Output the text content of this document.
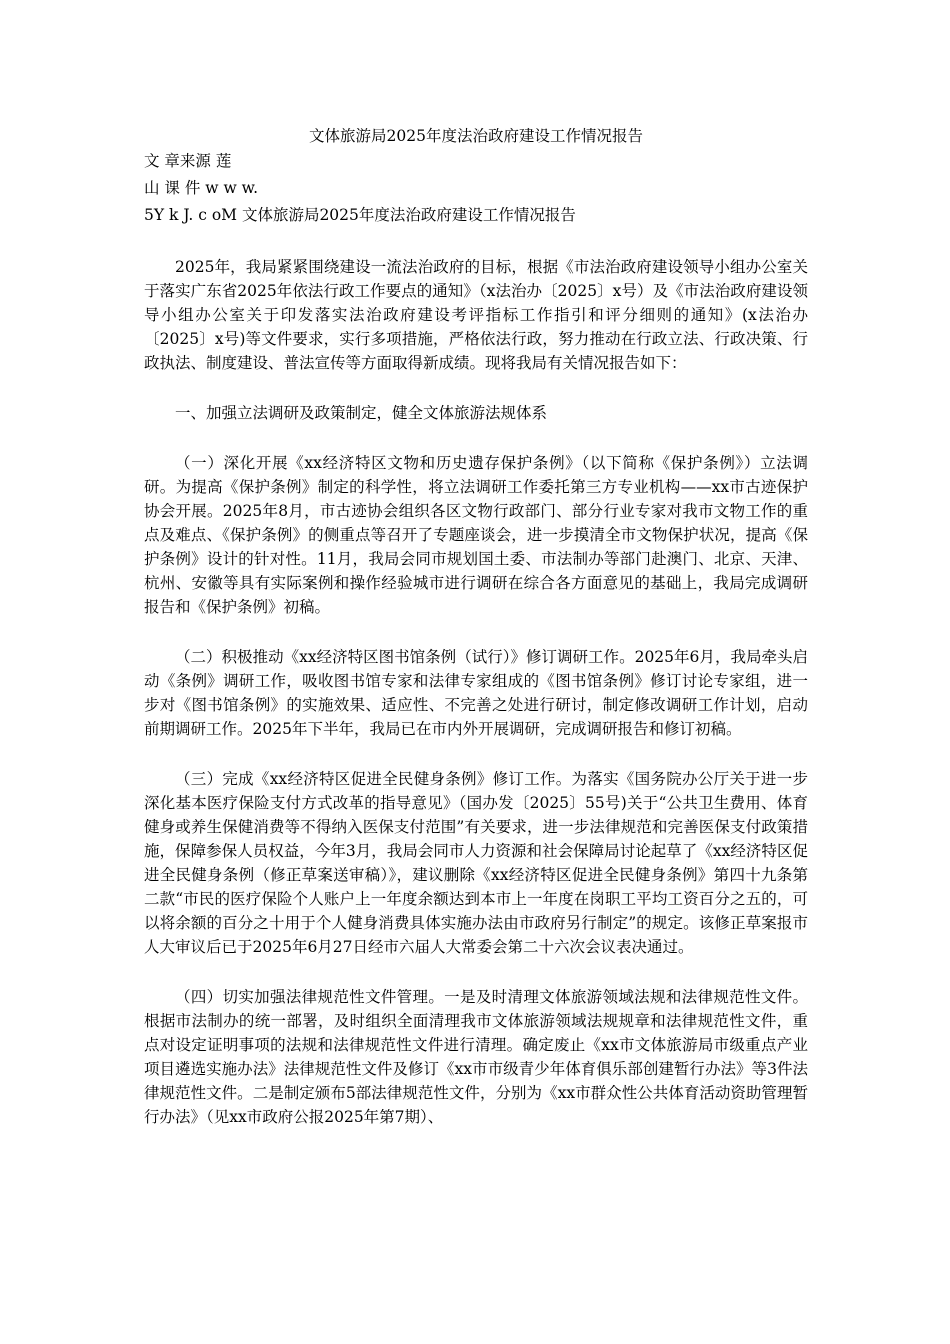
文体旅游局2025年度法治政府建设工作情况报告

文 章来源 莲

山 课 件 w w w.

5Y k J. c oM 文体旅游局2025年度法治政府建设工作情况报告

2025年，我局紧紧围绕建设一流法治政府的目标，根据《市法治政府建设领导小组办公室关于落实广东省2025年依法行政工作要点的通知》（x法治办〔2025〕x号）及《市法治政府建设领导小组办公室关于印发落实法治政府建设考评指标工作指引和评分细则的通知》(x法治办〔2025〕x号)等文件要求，实行多项措施，严格依法行政，努力推动在行政立法、行政决策、行政执法、制度建设、普法宣传等方面取得新成绩。现将我局有关情况报告如下：

一、加强立法调研及政策制定，健全文体旅游法规体系

（一）深化开展《xx经济特区文物和历史遗存保护条例》（以下简称《保护条例》）立法调研。为提高《保护条例》制定的科学性，将立法调研工作委托第三方专业机构——xx市古迹保护协会开展。2025年8月，市古迹协会组织各区文物行政部门、部分行业专家对我市文物工作的重点及难点、《保护条例》的侧重点等召开了专题座谈会，进一步摸清全市文物保护状况，提高《保护条例》设计的针对性。11月，我局会同市规划国土委、市法制办等部门赴澳门、北京、天津、杭州、安徽等具有实际案例和操作经验城市进行调研在综合各方面意见的基础上，我局完成调研报告和《保护条例》初稿。

（二）积极推动《xx经济特区图书馆条例（试行）》修订调研工作。2025年6月，我局牵头启动《条例》调研工作，吸收图书馆专家和法律专家组成的《图书馆条例》修订讨论专家组，进一步对《图书馆条例》的实施效果、适应性、不完善之处进行研讨，制定修改调研工作计划，启动前期调研工作。2025年下半年，我局已在市内外开展调研，完成调研报告和修订初稿。

（三）完成《xx经济特区促进全民健身条例》修订工作。为落实《国务院办公厅关于进一步深化基本医疗保险支付方式改革的指导意见》（国办发〔2025〕55号)关于“公共卫生费用、体育健身或养生保健消费等不得纳入医保支付范围”有关要求，进一步法律规范和完善医保支付政策措施，保障参保人员权益，今年3月，我局会同市人力资源和社会保障局讨论起草了《xx经济特区促进全民健身条例（修正草案送审稿）》，建议删除《xx经济特区促进全民健身条例》第四十九条第二款“市民的医疗保险个人账户上一年度余额达到本市上一年度在岗职工平均工资百分之五的，可以将余额的百分之十用于个人健身消费具体实施办法由市政府另行制定”的规定。该修正草案报市人大审议后已于2025年6月27日经市六届人大常委会第二十六次会议表决通过。

（四）切实加强法律规范性文件管理。一是及时清理文体旅游领域法规和法律规范性文件。根据市法制办的统一部署，及时组织全面清理我市文体旅游领域法规规章和法律规范性文件，重点对设定证明事项的法规和法律规范性文件进行清理。确定废止《xx市文体旅游局市级重点产业项目遴选实施办法》法律规范性文件及修订《xx市市级青少年体育俱乐部创建暂行办法》等3件法律规范性文件。二是制定颁布5部法律规范性文件，分别为《xx市群众性公共体育活动资助管理暂行办法》（见xx市政府公报2025年第7期）、
